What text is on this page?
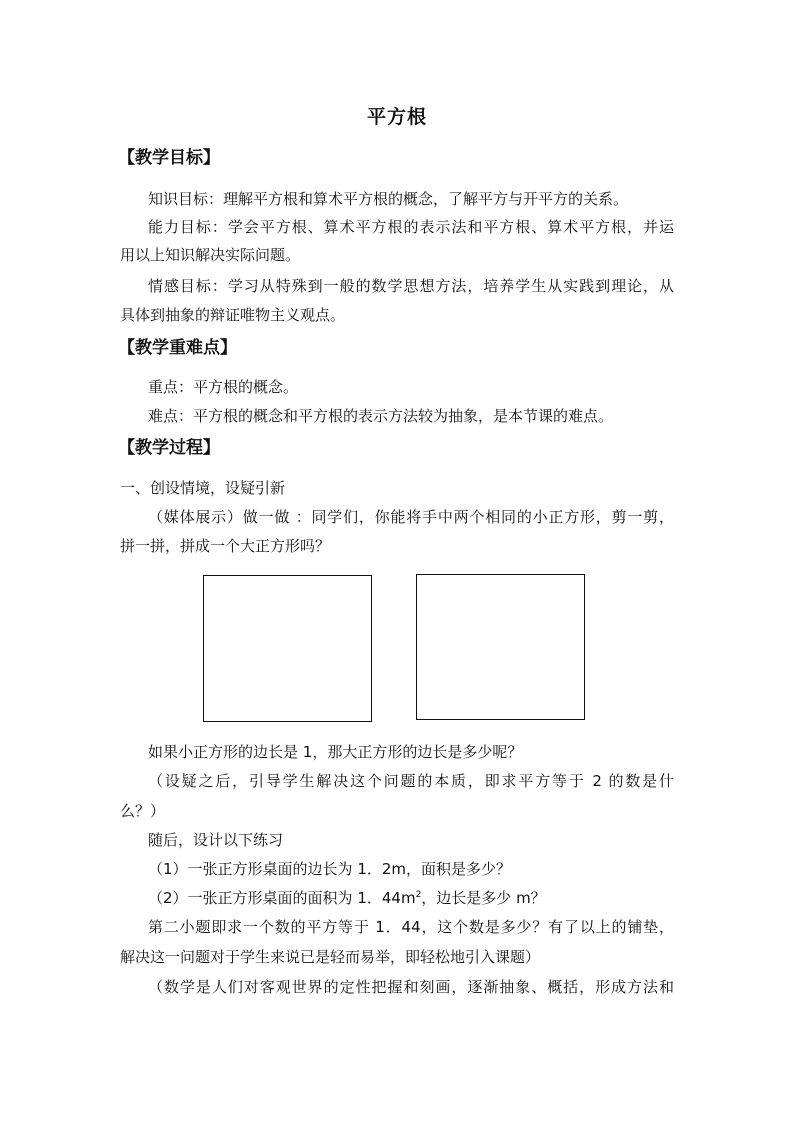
平方根
【教学目标】
知识目标：理解平方根和算术平方根的概念，了解平方与开平方的关系。
能力目标：学会平方根、算术平方根的表示法和平方根、算术平方根，并运
用以上知识解决实际问题。
情感目标：学习从特殊到一般的数学思想方法，培养学生从实践到理论，从
具体到抽象的辩证唯物主义观点。
【教学重难点】
重点：平方根的概念。
难点：平方根的概念和平方根的表示方法较为抽象，是本节课的难点。
【教学过程】
一、创设情境，设疑引新
（媒体展示）做一做 ：同学们，你能将手中两个相同的小正方形，剪一剪，
拼一拼，拼成一个大正方形吗？
如果小正方形的边长是 1，那大正方形的边长是多少呢？
（设疑之后，引导学生解决这个问题的本质，即求平方等于 2 的数是什
么？）
随后，设计以下练习
（1）一张正方形桌面的边长为 1．2m，面积是多少？
（2）一张正方形桌面的面积为 1．$44m^2$，边长是多少 m？
第二小题即求一个数的平方等于 1．44，这个数是多少？有了以上的铺垫，
解决这一问题对于学生来说已是轻而易举，即轻松地引入课题）
（数学是人们对客观世界的定性把握和刻画，逐渐抽象、概括，形成方法和
